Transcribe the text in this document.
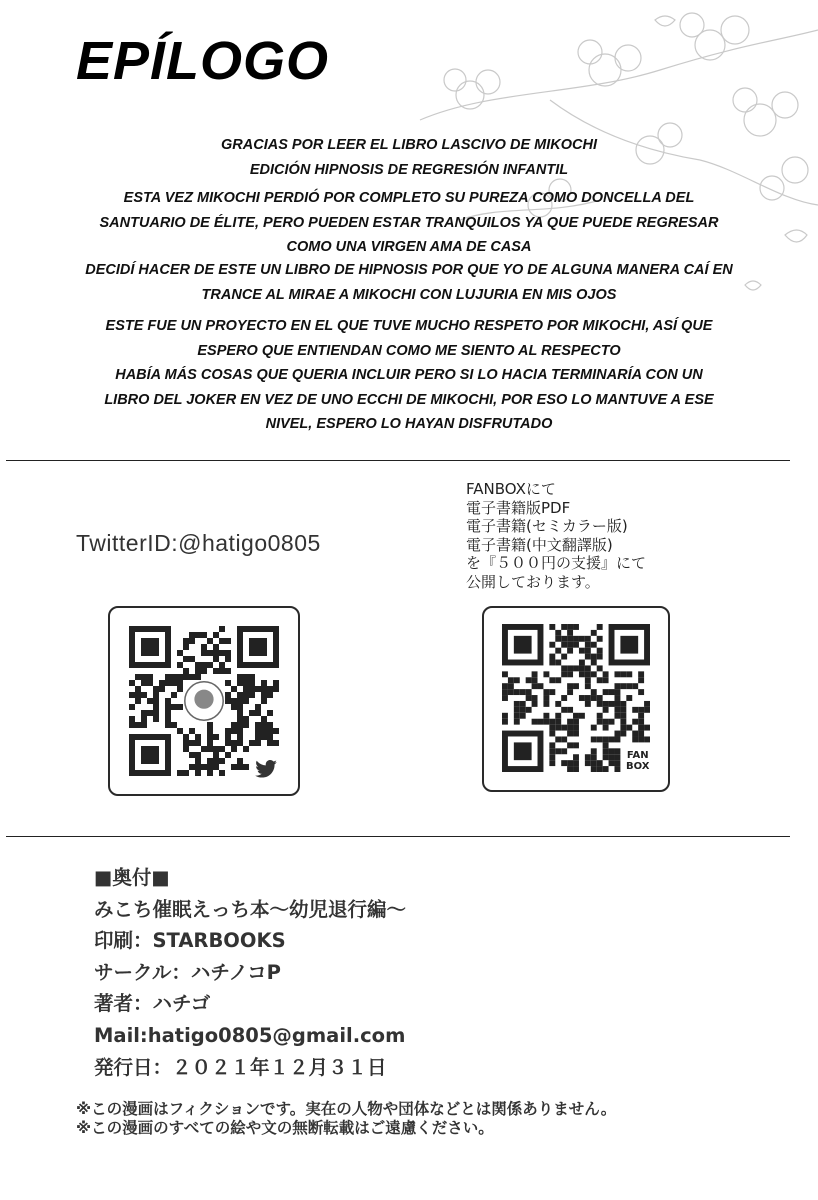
EPÍLOGO
GRACIAS POR LEER EL LIBRO LASCIVO DE MIKOCHI
EDICIÓN HIPNOSIS DE REGRESIÓN INFANTIL
ESTA VEZ MIKOCHI PERDIÓ POR COMPLETO SU PUREZA COMO DONCELLA DEL
SANTUARIO DE ÉLITE, PERO PUEDEN ESTAR TRANQUILOS YA QUE PUEDE REGRESAR
COMO UNA VIRGEN AMA DE CASA
DECIDÍ HACER DE ESTE UN LIBRO DE HIPNOSIS POR QUE YO DE ALGUNA MANERA CAÍ EN
TRANCE AL MIRAE A MIKOCHI CON LUJURIA EN MIS OJOS
ESTE FUE UN PROYECTO EN EL QUE TUVE MUCHO RESPETO POR MIKOCHI, ASÍ QUE
ESPERO QUE ENTIENDAN COMO ME SIENTO AL RESPECTO
HABÍA MÁS COSAS QUE QUERIA INCLUIR PERO SI LO HACIA TERMINARÍA CON UN
LIBRO DEL JOKER EN VEZ DE UNO ECCHI DE MIKOCHI, POR ESO LO MANTUVE A ESE
NIVEL, ESPERO LO HAYAN DISFRUTADO
TwitterID:@hatigo0805
FANBOXにて
電子書籍版PDF
電子書籍(セミカラー版)
電子書籍(中文翻譯版)
を『５００円の支援』にて
公開しております。
FAN
BOX
■奥付■
みこち催眠えっち本〜幼児退行編〜
印刷：STARBOOKS
サークル：ハチノコP
著者：ハチゴ
Mail:hatigo0805@gmail.com
発行日：２０２１年１２月３１日
※この漫画はフィクションです。実在の人物や団体などとは関係ありません。
※この漫画のすべての絵や文の無断転載はご遠慮ください。
